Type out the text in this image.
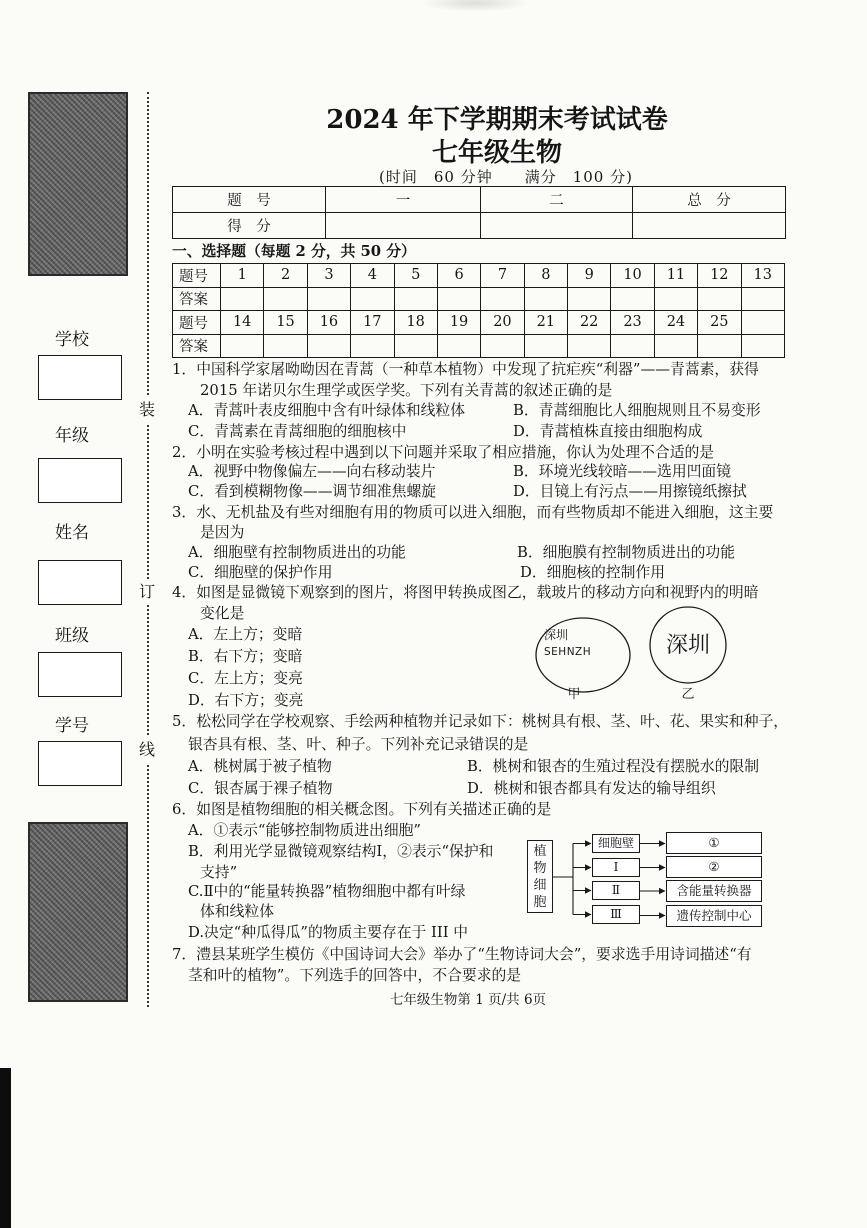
学校
年级
姓名
班级
学号
装
订
线
2024 年下学期期末考试试卷
七年级生物
(时间　60 分钟　　满分　100 分)
题　号	一	二	总　分
得　分			
一、选择题（每题 2 分，共 50 分）
题号	1	2	3	4	5	6	7	8	9	10	11	12	13
答案													
题号	14	15	16	17	18	19	20	21	22	23	24	25	
答案													
1．中国科学家屠呦呦因在青蒿（一种草本植物）中发现了抗疟疾“利器”——青蒿素，获得
2015 年诺贝尔生理学或医学奖。下列有关青蒿的叙述正确的是
A．青蒿叶表皮细胞中含有叶绿体和线粒体	B．青蒿细胞比人细胞规则且不易变形
C．青蒿素在青蒿细胞的细胞核中	D．青蒿植株直接由细胞构成
2．小明在实验考核过程中遇到以下问题并采取了相应措施，你认为处理不合适的是
A．视野中物像偏左——向右移动装片	B．环境光线较暗——选用凹面镜
C．看到模糊物像——调节细准焦螺旋	D．目镜上有污点——用擦镜纸擦拭
3．水、无机盐及有些对细胞有用的物质可以进入细胞，而有些物质却不能进入细胞，这主要
是因为
A．细胞壁有控制物质进出的功能	B．细胞膜有控制物质进出的功能
C．细胞壁的保护作用	D．细胞核的控制作用
4．如图是显微镜下观察到的图片，将图甲转换成图乙，载玻片的移动方向和视野内的明暗
变化是
A．左上方；变暗
B．右下方；变暗
C．左上方；变亮
D．右下方；变亮
深圳
SEHNZH
甲
深圳
乙
5．松松同学在学校观察、手绘两种植物并记录如下：桃树具有根、茎、叶、花、果实和种子，
银杏具有根、茎、叶、种子。下列补充记录错误的是
A．桃树属于被子植物	B．桃树和银杏的生殖过程没有摆脱水的限制
C．银杏属于裸子植物	D．桃树和银杏都具有发达的输导组织
6．如图是植物细胞的相关概念图。下列有关描述正确的是
A．①表示“能够控制物质进出细胞”
B．利用光学显微镜观察结构Ⅰ，②表示“保护和
支持”
C.Ⅱ中的“能量转换器”植物细胞中都有叶绿
体和线粒体
D.决定“种瓜得瓜”的物质主要存在于 III 中
植物细胞
细胞壁
Ⅰ
Ⅱ
Ⅲ
①
②
含能量转换器
遗传控制中心
7．澧县某班学生模仿《中国诗词大会》举办了“生物诗词大会”，要求选手用诗词描述“有
茎和叶的植物”。下列选手的回答中，不合要求的是
七年级生物第 1 页/共 6页
